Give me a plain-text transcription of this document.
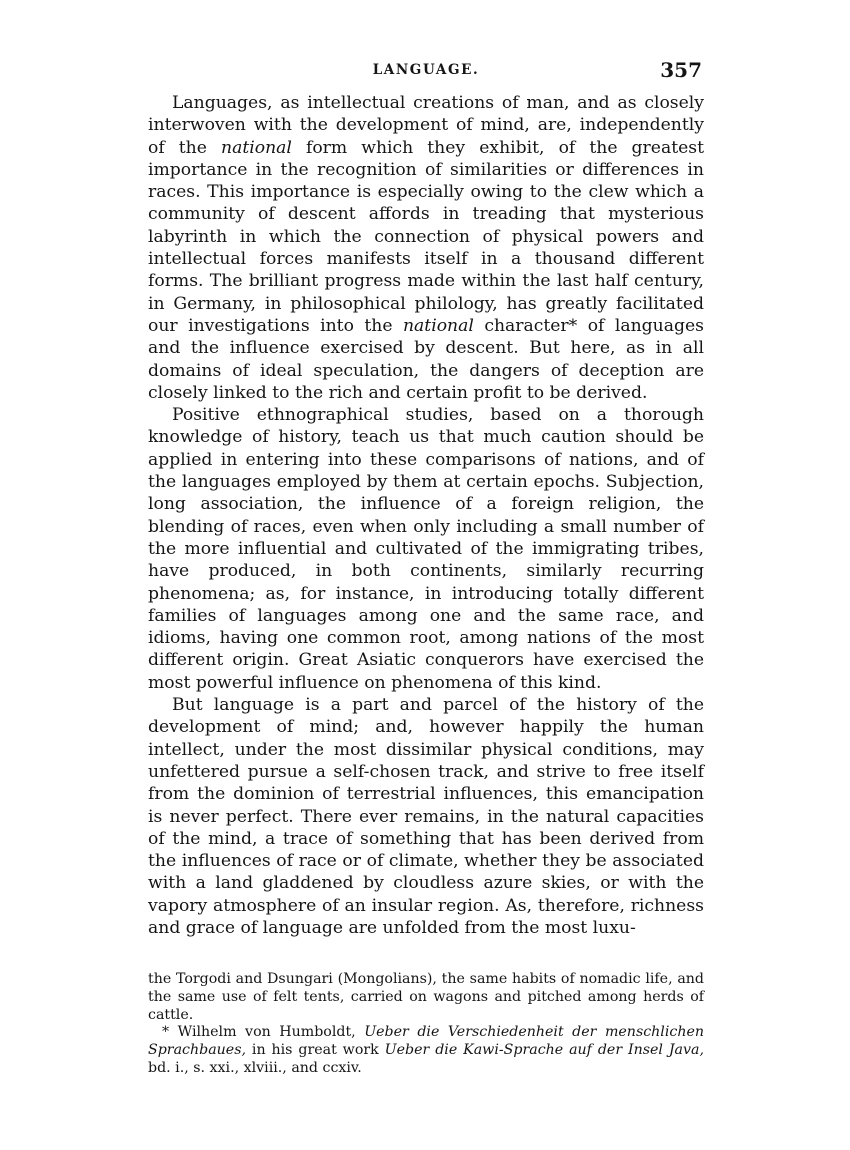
LANGUAGE.	357

Languages, as intellectual creations of man, and as closely interwoven with the development of mind, are, independently of the national form which they exhibit, of the greatest importance in the recognition of similarities or differences in races. This importance is especially owing to the clew which a community of descent affords in treading that mysterious labyrinth in which the connection of physical powers and intellectual forces manifests itself in a thousand different forms. The brilliant progress made within the last half century, in Germany, in philosophical philology, has greatly facilitated our investigations into the national character* of languages and the influence exercised by descent. But here, as in all domains of ideal speculation, the dangers of deception are closely linked to the rich and certain profit to be derived.

Positive ethnographical studies, based on a thorough knowledge of history, teach us that much caution should be applied in entering into these comparisons of nations, and of the languages employed by them at certain epochs. Subjection, long association, the influence of a foreign religion, the blending of races, even when only including a small number of the more influential and cultivated of the immigrating tribes, have produced, in both continents, similarly recurring phenomena; as, for instance, in introducing totally different families of languages among one and the same race, and idioms, having one common root, among nations of the most different origin. Great Asiatic conquerors have exercised the most powerful influence on phenomena of this kind.

But language is a part and parcel of the history of the development of mind; and, however happily the human intellect, under the most dissimilar physical conditions, may unfettered pursue a self-chosen track, and strive to free itself from the dominion of terrestrial influences, this emancipation is never perfect. There ever remains, in the natural capacities of the mind, a trace of something that has been derived from the influences of race or of climate, whether they be associated with a land gladdened by cloudless azure skies, or with the vapory atmosphere of an insular region. As, therefore, richness and grace of language are unfolded from the most luxu-

the Torgodi and Dsungari (Mongolians), the same habits of nomadic life, and the same use of felt tents, carried on wagons and pitched among herds of cattle.

* Wilhelm von Humboldt, Ueber die Verschiedenheit der menschlichen Sprachbaues, in his great work Ueber die Kawi-Sprache auf der Insel Java, bd. i., s. xxi., xlviii., and ccxiv.
